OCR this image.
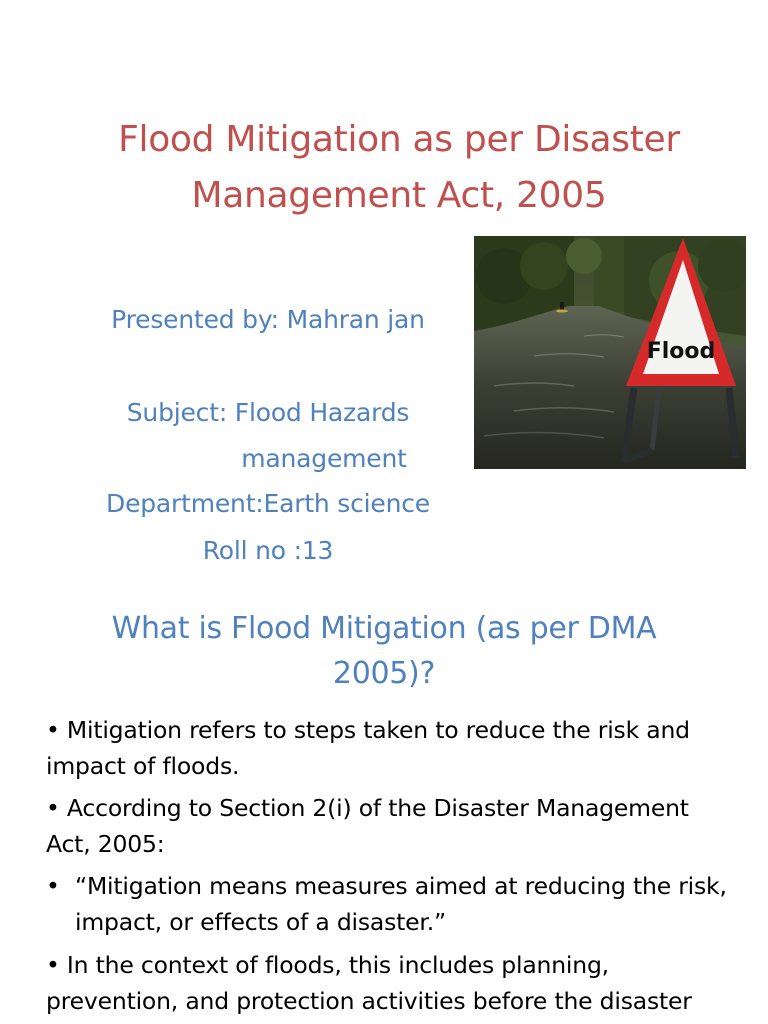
Flood Mitigation as per Disaster
Management Act, 2005
Presented by: Mahran jan
Subject: Flood Hazards
management
Department:Earth science
Roll no :13
Flood
What is Flood Mitigation (as per DMA
2005)?
• Mitigation refers to steps taken to reduce the risk and impact of floods.
• According to Section 2(i) of the Disaster Management Act, 2005:
• “Mitigation means measures aimed at reducing the risk, impact, or effects of a disaster.”
• In the context of floods, this includes planning, prevention, and protection activities before the disaster
